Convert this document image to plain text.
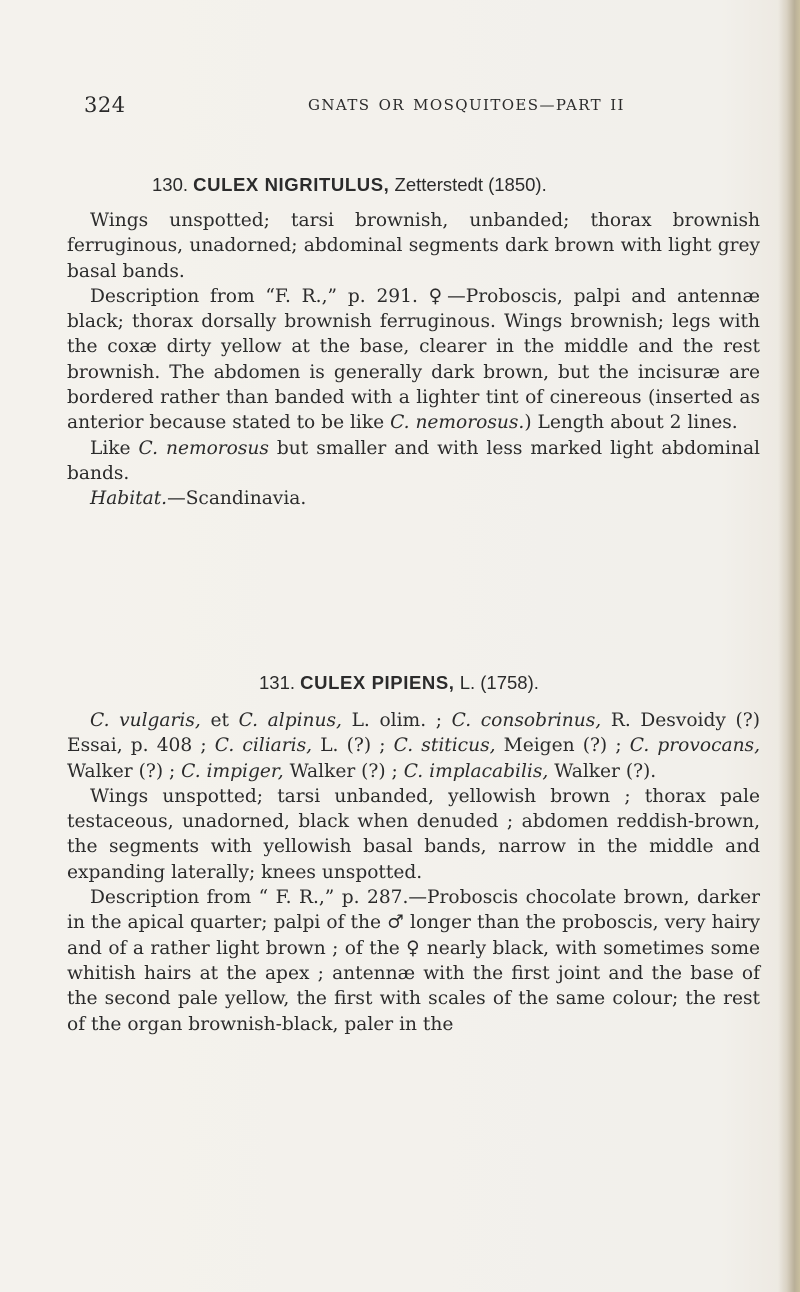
324	GNATS OR MOSQUITOES—PART II
130. CULEX NIGRITULUS, Zetterstedt (1850).

Wings unspotted; tarsi brownish, unbanded; thorax brownish ferruginous, unadorned; abdominal segments dark brown with light grey basal bands.

Description from “F. R.,” p. 291. ♀—Proboscis, palpi and antennæ black; thorax dorsally brownish ferruginous. Wings brownish; legs with the coxæ dirty yellow at the base, clearer in the middle and the rest brownish. The abdomen is generally dark brown, but the incisuræ are bordered rather than banded with a lighter tint of cinereous (inserted as anterior because stated to be like C. nemorosus.) Length about 2 lines.

Like C. nemorosus but smaller and with less marked light abdominal bands.

Habitat.—Scandinavia.

131. CULEX PIPIENS, L. (1758).

C. vulgaris, et C. alpinus, L. olim. ; C. consobrinus, R. Desvoidy (?) Essai, p. 408 ; C. ciliaris, L. (?) ; C. stiticus, Meigen (?) ; C. provocans, Walker (?) ; C. impiger, Walker (?) ; C. implacabilis, Walker (?).

Wings unspotted; tarsi unbanded, yellowish brown ; thorax pale testaceous, unadorned, black when denuded ; abdomen reddish-brown, the segments with yellowish basal bands, narrow in the middle and expanding laterally; knees unspotted.

Description from “ F. R.,” p. 287.—Proboscis chocolate brown, darker in the apical quarter; palpi of the ♂ longer than the proboscis, very hairy and of a rather light brown ; of the ♀ nearly black, with sometimes some whitish hairs at the apex ; antennæ with the first joint and the base of the second pale yellow, the first with scales of the same colour; the rest of the organ brownish-black, paler in the
